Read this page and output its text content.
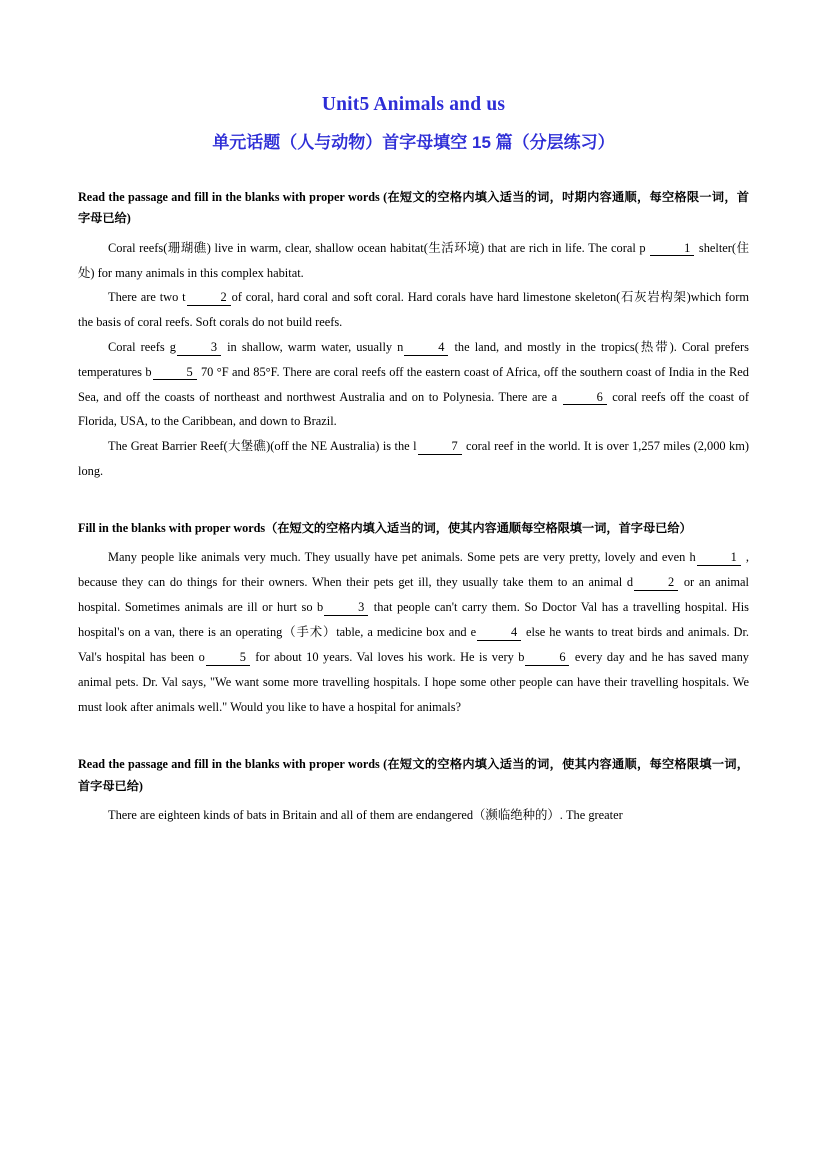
Unit5 Animals and us
单元话题（人与动物）首字母填空 15 篇（分层练习）

Read the passage and fill in the blanks with proper words (在短文的空格内填入适当的词，吋期内容通顺，每空格限一词，首字母已给)

Coral reefs(珊瑚礁) live in warm, clear, shallow ocean habitat(生活环境) that are rich in life. The coral p	1 shelter(住处) for many animals in this complex habitat.

There are two t	2 of coral, hard coral and soft coral. Hard corals have hard limestone skeleton(石灰岩构架)which form the basis of coral reefs. Soft corals do not build reefs.

Coral reefs g	3 in shallow, warm water, usually n	4 the land, and mostly in the tropics(热带). Coral prefers temperatures b	5 70 °F and 85°F. There are coral reefs off the eastern coast of Africa, off the southern coast of India in the Red Sea, and off the coasts of northeast and northwest Australia and on to Polynesia. There are a	6 coral reefs off the coast of Florida, USA, to the Caribbean, and down to Brazil.

The Great Barrier Reef(大堡礁)(off the NE Australia) is the l	7 coral reef in the world. It is over 1,257 miles (2,000 km) long.

Fill in the blanks with proper words（在短文的空格内填入适当的词，使其内容通顺每空格限填一词，首字母已给）

Many people like animals very much. They usually have pet animals. Some pets are very pretty, lovely and even h	1 , because they can do things for their owners. When their pets get ill, they usually take them to an animal d	2 or an animal hospital. Sometimes animals are ill or hurt so b	3 that people can't carry them. So Doctor Val has a travelling hospital. His hospital's on a van, there is an operating（手术）table, a medicine box and e	4 else he wants to treat birds and animals. Dr. Val's hospital has been o	5 for about 10 years. Val loves his work. He is very b	6 every day and he has saved many animal pets. Dr. Val says, "We want some more travelling hospitals. I hope some other people can have their travelling hospitals. We must look after animals well." Would you like to have a hospital for animals?

Read the passage and fill in the blanks with proper words (在短文的空格内填入适当的词，使其内容通顺，每空格限填一词，首字母已给)

There are eighteen kinds of bats in Britain and all of them are endangered（濒临绝种的）. The greater
